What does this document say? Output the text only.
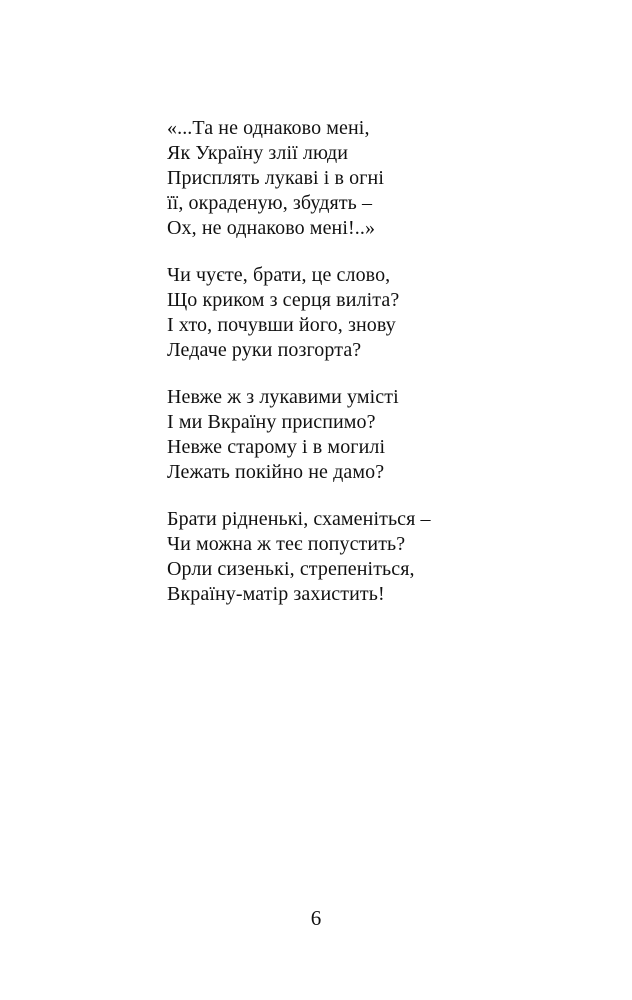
«...Та не однаково мені,
Як Україну злії люди
Присплять лукаві і в огні
її, окраденую, збудять –
Ох, не однаково мені!..»
Чи чуєте, брати, це слово,
Що криком з серця виліта?
І хто, почувши його, знову
Ледаче руки позгорта?
Невже ж з лукавими умісті
І ми Вкраїну приспимо?
Невже старому і в могилі
Лежать покійно не дамо?
Брати рідненькі, схаменіться –
Чи можна ж теє попустить?
Орли сизенькі, стрепеніться,
Вкраїну-матір захистить!
6
